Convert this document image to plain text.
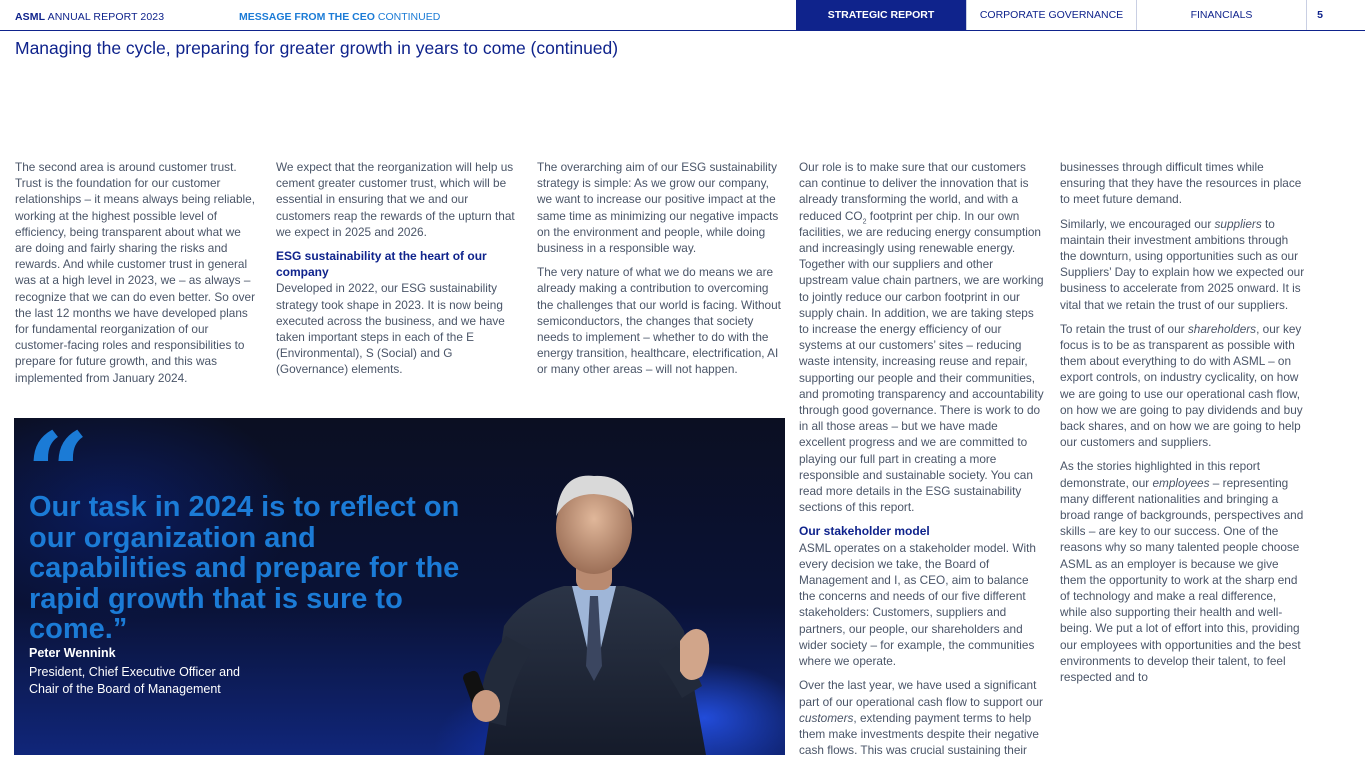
ASML ANNUAL REPORT 2023	MESSAGE FROM THE CEO CONTINUED	STRATEGIC REPORT	CORPORATE GOVERNANCE	FINANCIALS	5
Managing the cycle, preparing for greater growth in years to come (continued)

The second area is around customer trust. Trust is the foundation for our customer relationships – it means always being reliable, working at the highest possible level of efficiency, being transparent about what we are doing and fairly sharing the risks and rewards. And while customer trust in general was at a high level in 2023, we – as always – recognize that we can do even better. So over the last 12 months we have developed plans for fundamental reorganization of our customer-facing roles and responsibilities to prepare for future growth, and this was implemented from January 2024.

We expect that the reorganization will help us cement greater customer trust, which will be essential in ensuring that we and our customers reap the rewards of the upturn that we expect in 2025 and 2026.

ESG sustainability at the heart of our company

Developed in 2022, our ESG sustainability strategy took shape in 2023. It is now being executed across the business, and we have taken important steps in each of the E (Environmental), S (Social) and G (Governance) elements.

The overarching aim of our ESG sustainability strategy is simple: As we grow our company, we want to increase our positive impact at the same time as minimizing our negative impacts on the environment and people, while doing business in a responsible way.

The very nature of what we do means we are already making a contribution to overcoming the challenges that our world is facing. Without semiconductors, the changes that society needs to implement – whether to do with the energy transition, healthcare, electrification, AI or many other areas – will not happen.

Our role is to make sure that our customers can continue to deliver the innovation that is already transforming the world, and with a reduced $CO_2$ footprint per chip. In our own facilities, we are reducing energy consumption and increasingly using renewable energy. Together with our suppliers and other upstream value chain partners, we are working to jointly reduce our carbon footprint in our supply chain. In addition, we are taking steps to increase the energy efficiency of our systems at our customers’ sites – reducing waste intensity, increasing reuse and repair, supporting our people and their communities, and promoting transparency and accountability through good governance. There is work to do in all those areas – but we have made excellent progress and we are committed to playing our full part in creating a more responsible and sustainable society. You can read more details in the ESG sustainability sections of this report.

Our stakeholder model

ASML operates on a stakeholder model. With every decision we take, the Board of Management and I, as CEO, aim to balance the concerns and needs of our five different stakeholders: Customers, suppliers and partners, our people, our shareholders and wider society – for example, the communities where we operate.

Over the last year, we have used a significant part of our operational cash flow to support our customers, extending payment terms to help them make investments despite their negative cash flows. This was crucial sustaining their

businesses through difficult times while ensuring that they have the resources in place to meet future demand.

Similarly, we encouraged our suppliers to maintain their investment ambitions through the downturn, using opportunities such as our Suppliers’ Day to explain how we expected our business to accelerate from 2025 onward. It is vital that we retain the trust of our suppliers.

To retain the trust of our shareholders, our key focus is to be as transparent as possible with them about everything to do with ASML – on export controls, on industry cyclicality, on how we are going to use our operational cash flow, on how we are going to pay dividends and buy back shares, and on how we are going to help our customers and suppliers.

As the stories highlighted in this report demonstrate, our employees – representing many different nationalities and bringing a broad range of backgrounds, perspectives and skills – are key to our success. One of the reasons why so many talented people choose ASML as an employer is because we give them the opportunity to work at the sharp end of technology and make a real difference, while also supporting their health and well-being. We put a lot of effort into this, providing our employees with opportunities and the best environments to develop their talent, to feel respected and to

“

Our task in 2024 is to reflect on our organization and capabilities and prepare for the rapid growth that is sure to come.”

Peter Wennink
President, Chief Executive Officer and Chair of the Board of Management
